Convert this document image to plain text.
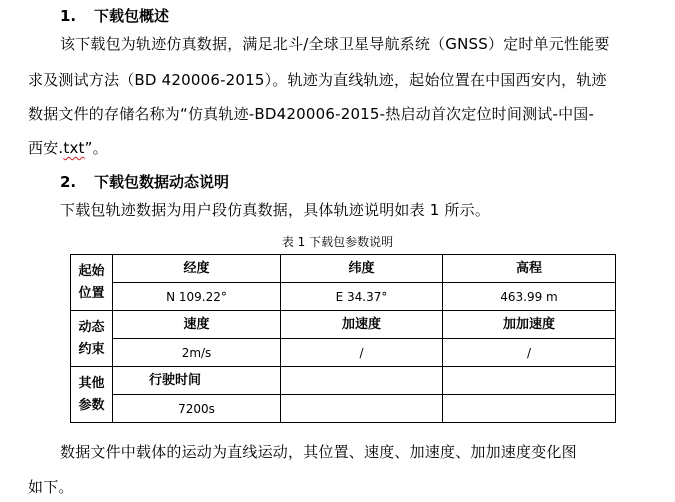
1. 下载包概述
该下载包为轨迹仿真数据，满足北斗/全球卫星导航系统（GNSS）定时单元性能要
求及测试方法（BD 420006-2015）。轨迹为直线轨迹，起始位置在中国西安内，轨迹
数据文件的存储名称为“仿真轨迹-BD420006-2015-热启动首次定位时间测试-中国-
西安.txt”。
2. 下载包数据动态说明
下载包轨迹数据为用户段仿真数据，具体轨迹说明如表 1 所示。
表 1 下载包参数说明
起始
位置	经度	纬度	高程
	N 109.22°	E 34.37°	463.99 m

动态
约束	速度	加速度	加加速度
	2m/s	/	/

其他
参数	行驶时间		
	7200s		
数据文件中载体的运动为直线运动，其位置、速度、加速度、加加速度变化图
如下。
